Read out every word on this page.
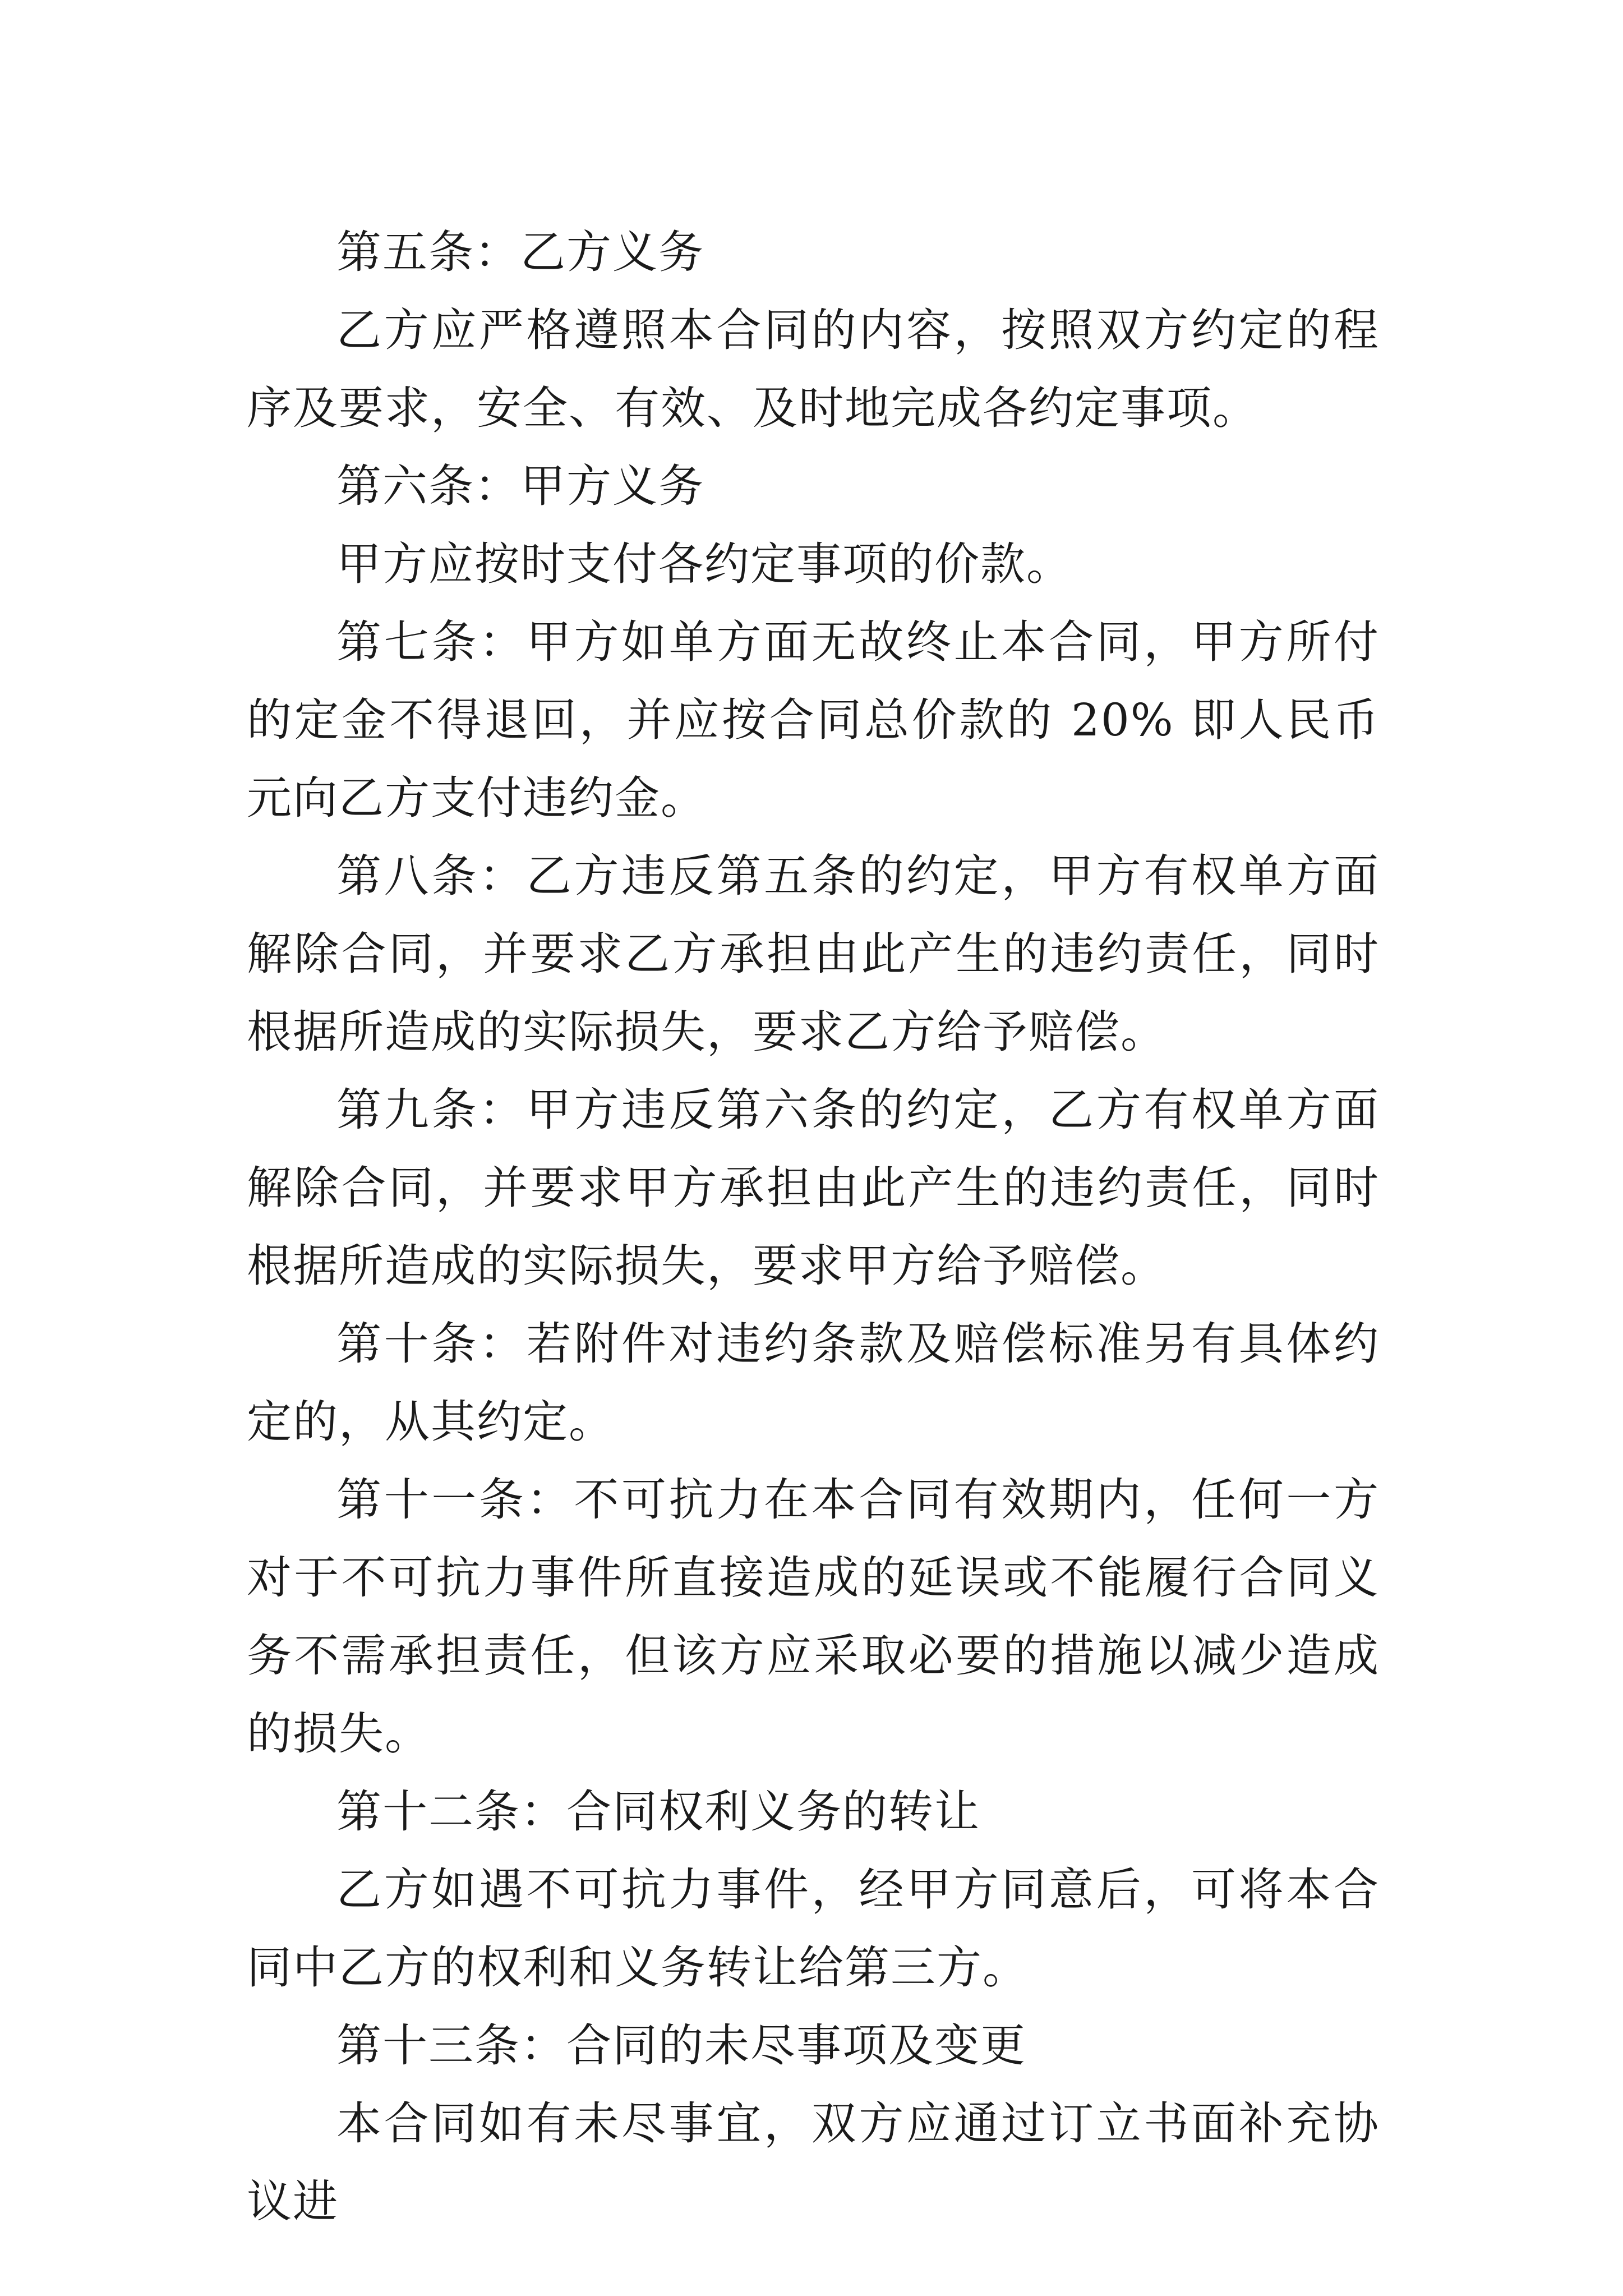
第五条：乙方义务

乙方应严格遵照本合同的内容，按照双方约定的程序及要求，安全、有效、及时地完成各约定事项。

第六条：甲方义务

甲方应按时支付各约定事项的价款。

第七条：甲方如单方面无故终止本合同，甲方所付的定金不得退回，并应按合同总价款的 20% 即人民币元向乙方支付违约金。

第八条：乙方违反第五条的约定，甲方有权单方面解除合同，并要求乙方承担由此产生的违约责任，同时根据所造成的实际损失，要求乙方给予赔偿。

第九条：甲方违反第六条的约定，乙方有权单方面解除合同，并要求甲方承担由此产生的违约责任，同时根据所造成的实际损失，要求甲方给予赔偿。

第十条：若附件对违约条款及赔偿标准另有具体约定的，从其约定。

第十一条：不可抗力在本合同有效期内，任何一方对于不可抗力事件所直接造成的延误或不能履行合同义务不需承担责任，但该方应采取必要的措施以减少造成的损失。

第十二条：合同权利义务的转让

乙方如遇不可抗力事件，经甲方同意后，可将本合同中乙方的权利和义务转让给第三方。

第十三条：合同的未尽事项及变更

本合同如有未尽事宜，双方应通过订立书面补充协议进
